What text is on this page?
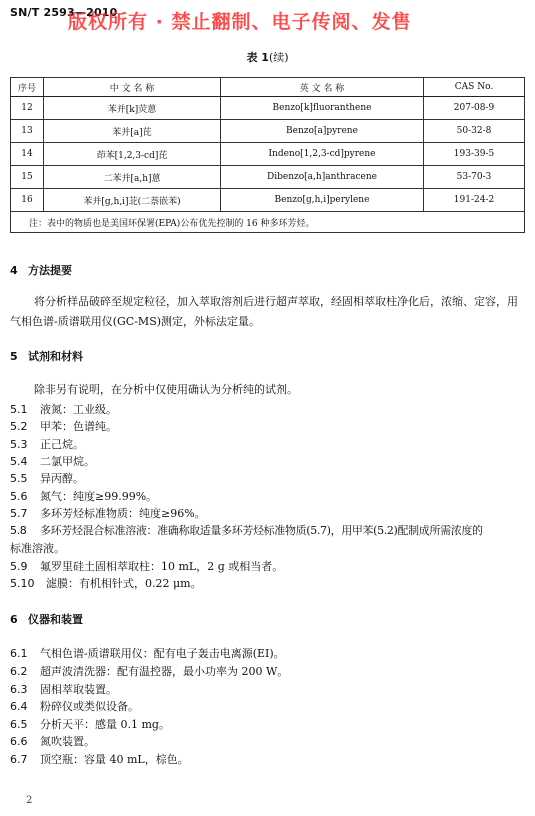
SN/T 2593—2010
版权所有 · 禁止翻制、电子传阅、发售
表 1(续)
序号	中 文 名 称	英 文 名 称	CAS No.
12	苯并[k]荧蒽	Benzo[k]fluoranthene	207-08-9
13	苯并[a]芘	Benzo[a]pyrene	50-32-8
14	茚苯[1,2,3-cd]芘	Indeno[1,2,3-cd]pyrene	193-39-5
15	二苯并[a,h]蒽	Dibenzo[a,h]anthracene	53-70-3
16	苯并[g,h,i]苝(二萘嵌苯)	Benzo[g,h,i]perylene	191-24-2
注：表中的物质也是美国环保署(EPA)公布优先控制的 16 种多环芳烃。			
4 方法提要
将分析样品破碎至规定粒径，加入萃取溶剂后进行超声萃取，经固相萃取柱净化后，浓缩、定容，用气相色谱-质谱联用仪(GC-MS)测定，外标法定量。
5 试剂和材料
除非另有说明，在分析中仅使用确认为分析纯的试剂。
5.1 液氮：工业级。
5.2 甲苯：色谱纯。
5.3 正己烷。
5.4 二氯甲烷。
5.5 异丙醇。
5.6 氮气：纯度≥99.99%。
5.7 多环芳烃标准物质：纯度≥96%。
5.8 多环芳烃混合标准溶液：准确称取适量多环芳烃标准物质(5.7)，用甲苯(5.2)配制成所需浓度的
标准溶液。
5.9 氟罗里硅土固相萃取柱：10 mL，2 g 或相当者。
5.10 滤膜：有机相针式，0.22 μm。
6 仪器和装置
6.1 气相色谱-质谱联用仪：配有电子轰击电离源(EI)。
6.2 超声波清洗器：配有温控器，最小功率为 200 W。
6.3 固相萃取装置。
6.4 粉碎仪或类似设备。
6.5 分析天平：感量 0.1 mg。
6.6 氮吹装置。
6.7 顶空瓶：容量 40 mL，棕色。
2
